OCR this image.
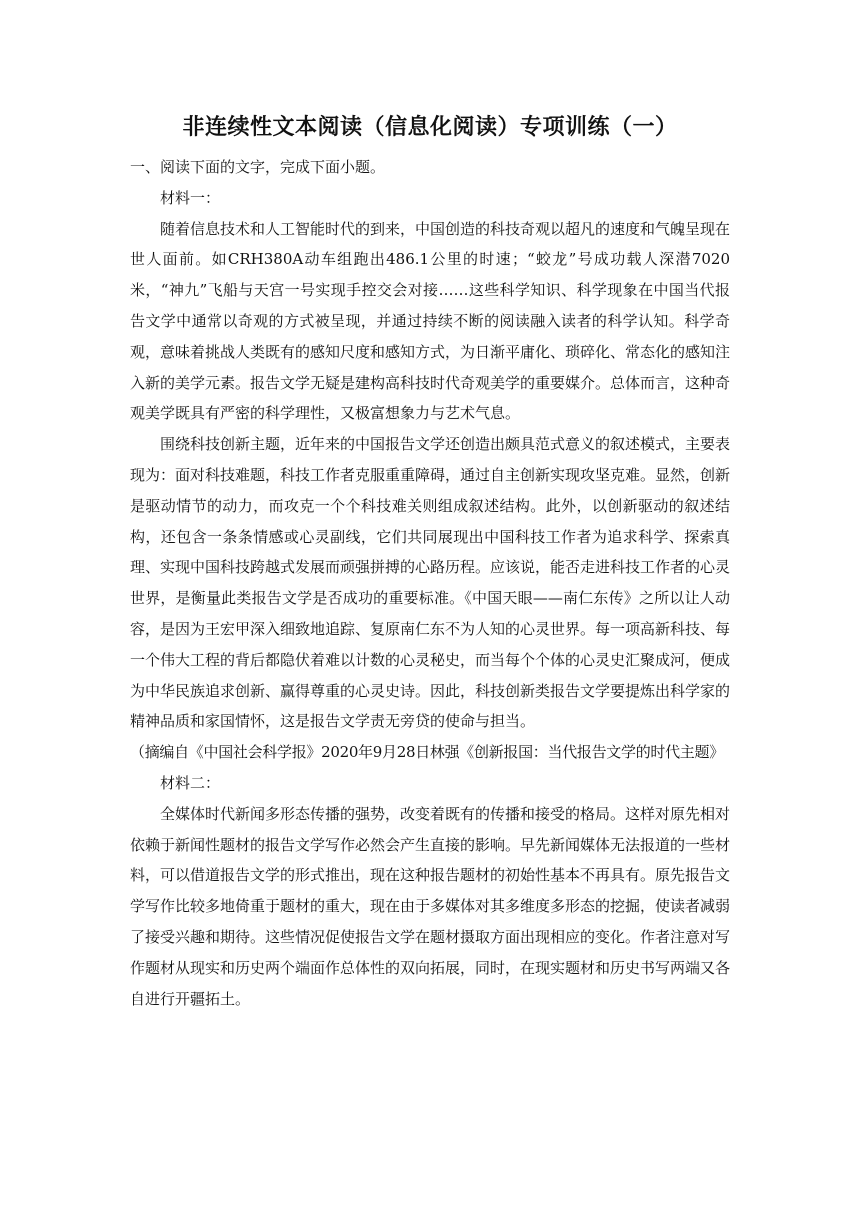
非连续性文本阅读（信息化阅读）专项训练（一）

一、阅读下面的文字，完成下面小题。

材料一：

随着信息技术和人工智能时代的到来，中国创造的科技奇观以超凡的速度和气魄呈现在世人面前。如CRH380A动车组跑出486.1公里的时速；“蛟龙”号成功载人深潜7020米，“神九”飞船与天宫一号实现手控交会对接……这些科学知识、科学现象在中国当代报告文学中通常以奇观的方式被呈现，并通过持续不断的阅读融入读者的科学认知。科学奇观，意味着挑战人类既有的感知尺度和感知方式，为日渐平庸化、琐碎化、常态化的感知注入新的美学元素。报告文学无疑是建构高科技时代奇观美学的重要媒介。总体而言，这种奇观美学既具有严密的科学理性，又极富想象力与艺术气息。

围绕科技创新主题，近年来的中国报告文学还创造出颇具范式意义的叙述模式，主要表现为：面对科技难题，科技工作者克服重重障碍，通过自主创新实现攻坚克难。显然，创新是驱动情节的动力，而攻克一个个科技难关则组成叙述结构。此外，以创新驱动的叙述结构，还包含一条条情感或心灵副线，它们共同展现出中国科技工作者为追求科学、探索真理、实现中国科技跨越式发展而顽强拼搏的心路历程。应该说，能否走进科技工作者的心灵世界，是衡量此类报告文学是否成功的重要标准。《中国天眼——南仁东传》之所以让人动容，是因为王宏甲深入细致地追踪、复原南仁东不为人知的心灵世界。每一项高新科技、每一个伟大工程的背后都隐伏着难以计数的心灵秘史，而当每个个体的心灵史汇聚成河，便成为中华民族追求创新、赢得尊重的心灵史诗。因此，科技创新类报告文学要提炼出科学家的精神品质和家国情怀，这是报告文学责无旁贷的使命与担当。

（摘编自《中国社会科学报》2020年9月28日林强《创新报国：当代报告文学的时代主题》

材料二：

全媒体时代新闻多形态传播的强势，改变着既有的传播和接受的格局。这样对原先相对依赖于新闻性题材的报告文学写作必然会产生直接的影响。早先新闻媒体无法报道的一些材料，可以借道报告文学的形式推出，现在这种报告题材的初始性基本不再具有。原先报告文学写作比较多地倚重于题材的重大，现在由于多媒体对其多维度多形态的挖掘，使读者减弱了接受兴趣和期待。这些情况促使报告文学在题材摄取方面出现相应的变化。作者注意对写作题材从现实和历史两个端面作总体性的双向拓展，同时，在现实题材和历史书写两端又各自进行开疆拓土。
